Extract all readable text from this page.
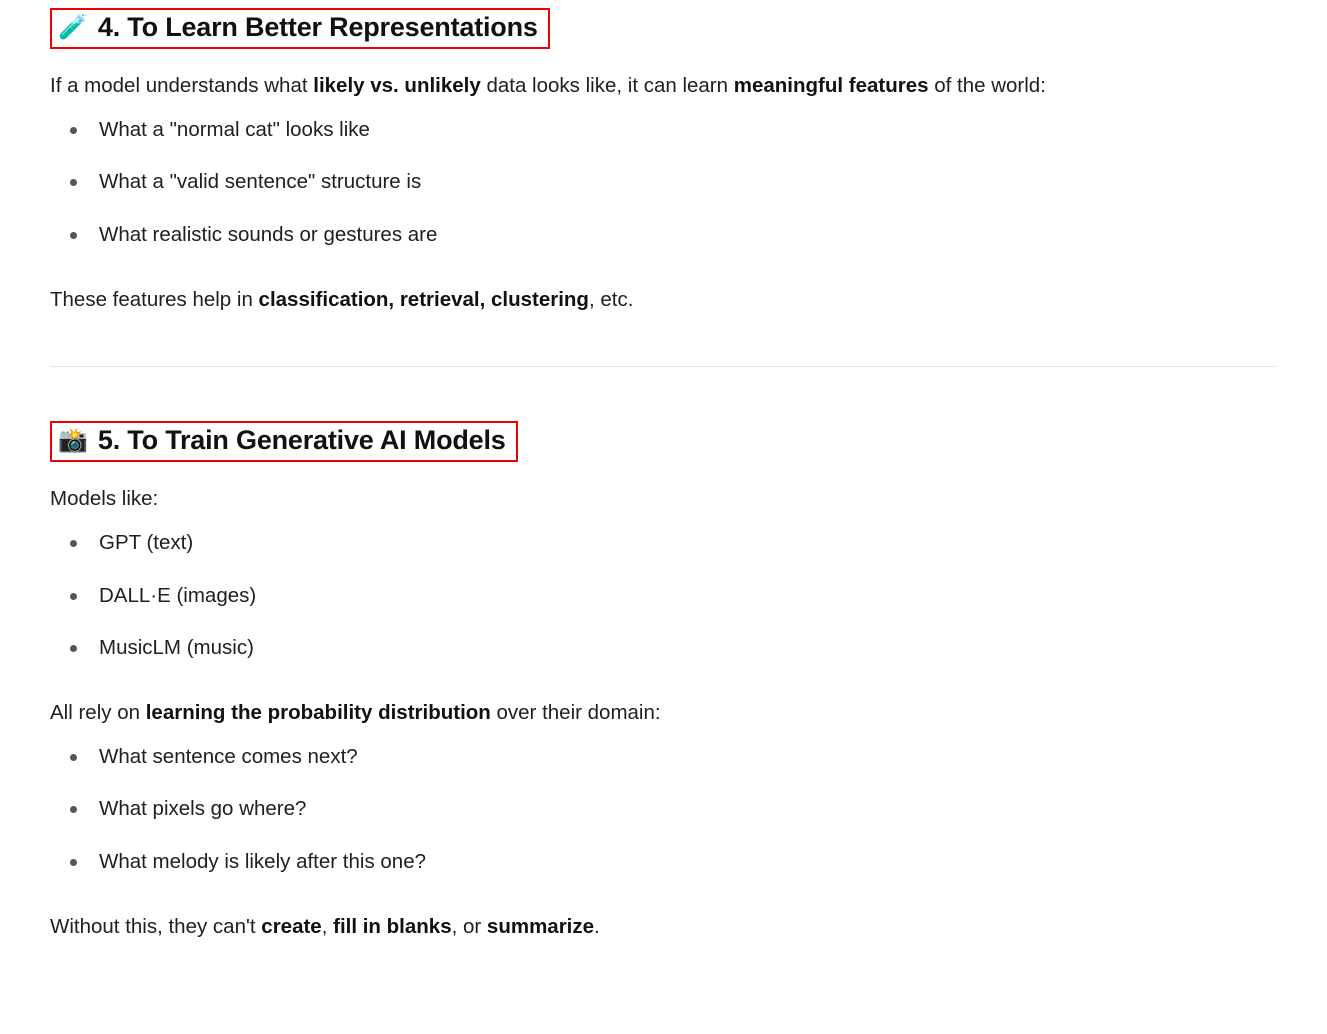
🧪 4. To Learn Better Representations

If a model understands what likely vs. unlikely data looks like, it can learn meaningful features of the world:

What a "normal cat" looks like
What a "valid sentence" structure is
What realistic sounds or gestures are

These features help in classification, retrieval, clustering, etc.

📸 5. To Train Generative AI Models

Models like:

GPT (text)
DALL·E (images)
MusicLM (music)

All rely on learning the probability distribution over their domain:

What sentence comes next?
What pixels go where?
What melody is likely after this one?

Without this, they can't create, fill in blanks, or summarize.
